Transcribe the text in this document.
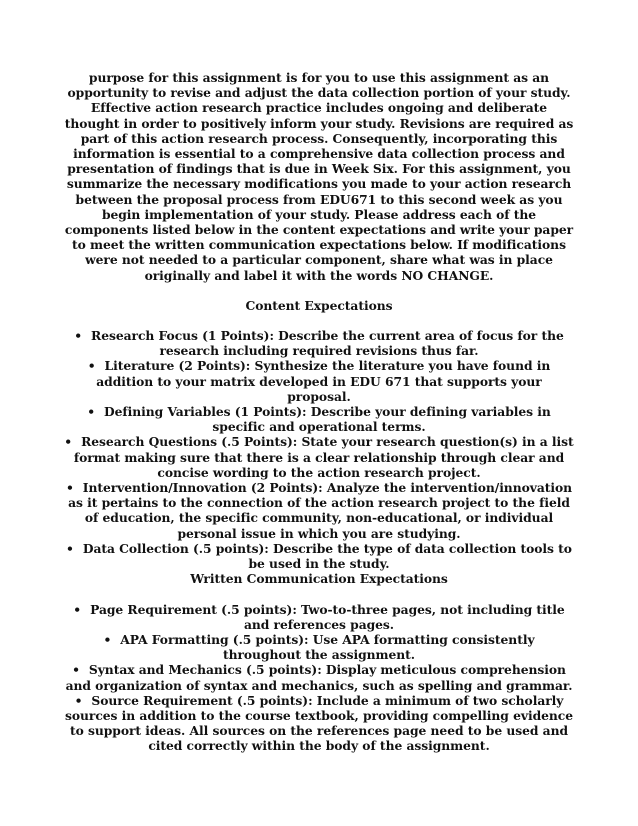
purpose for this assignment is for you to use this assignment as an opportunity to revise and adjust the data collection portion of your study. Effective action research practice includes ongoing and deliberate thought in order to positively inform your study. Revisions are required as part of this action research process. Consequently, incorporating this information is essential to a comprehensive data collection process and presentation of findings that is due in Week Six. For this assignment, you summarize the necessary modifications you made to your action research between the proposal process from EDU671 to this second week as you begin implementation of your study. Please address each of the components listed below in the content expectations and write your paper to meet the written communication expectations below. If modifications were not needed to a particular component, share what was in place originally and label it with the words NO CHANGE.

Content Expectations

• Research Focus (1 Points): Describe the current area of focus for the research including required revisions thus far.
• Literature (2 Points): Synthesize the literature you have found in addition to your matrix developed in EDU 671 that supports your proposal.
• Defining Variables (1 Points): Describe your defining variables in specific and operational terms.
• Research Questions (.5 Points): State your research question(s) in a list format making sure that there is a clear relationship through clear and concise wording to the action research project.
• Intervention/Innovation (2 Points): Analyze the intervention/innovation as it pertains to the connection of the action research project to the field of education, the specific community, non-educational, or individual personal issue in which you are studying.
• Data Collection (.5 points): Describe the type of data collection tools to be used in the study.

Written Communication Expectations

• Page Requirement (.5 points): Two-to-three pages, not including title and references pages.
• APA Formatting (.5 points): Use APA formatting consistently throughout the assignment.
• Syntax and Mechanics (.5 points): Display meticulous comprehension and organization of syntax and mechanics, such as spelling and grammar.
• Source Requirement (.5 points): Include a minimum of two scholarly sources in addition to the course textbook, providing compelling evidence to support ideas. All sources on the references page need to be used and cited correctly within the body of the assignment.
